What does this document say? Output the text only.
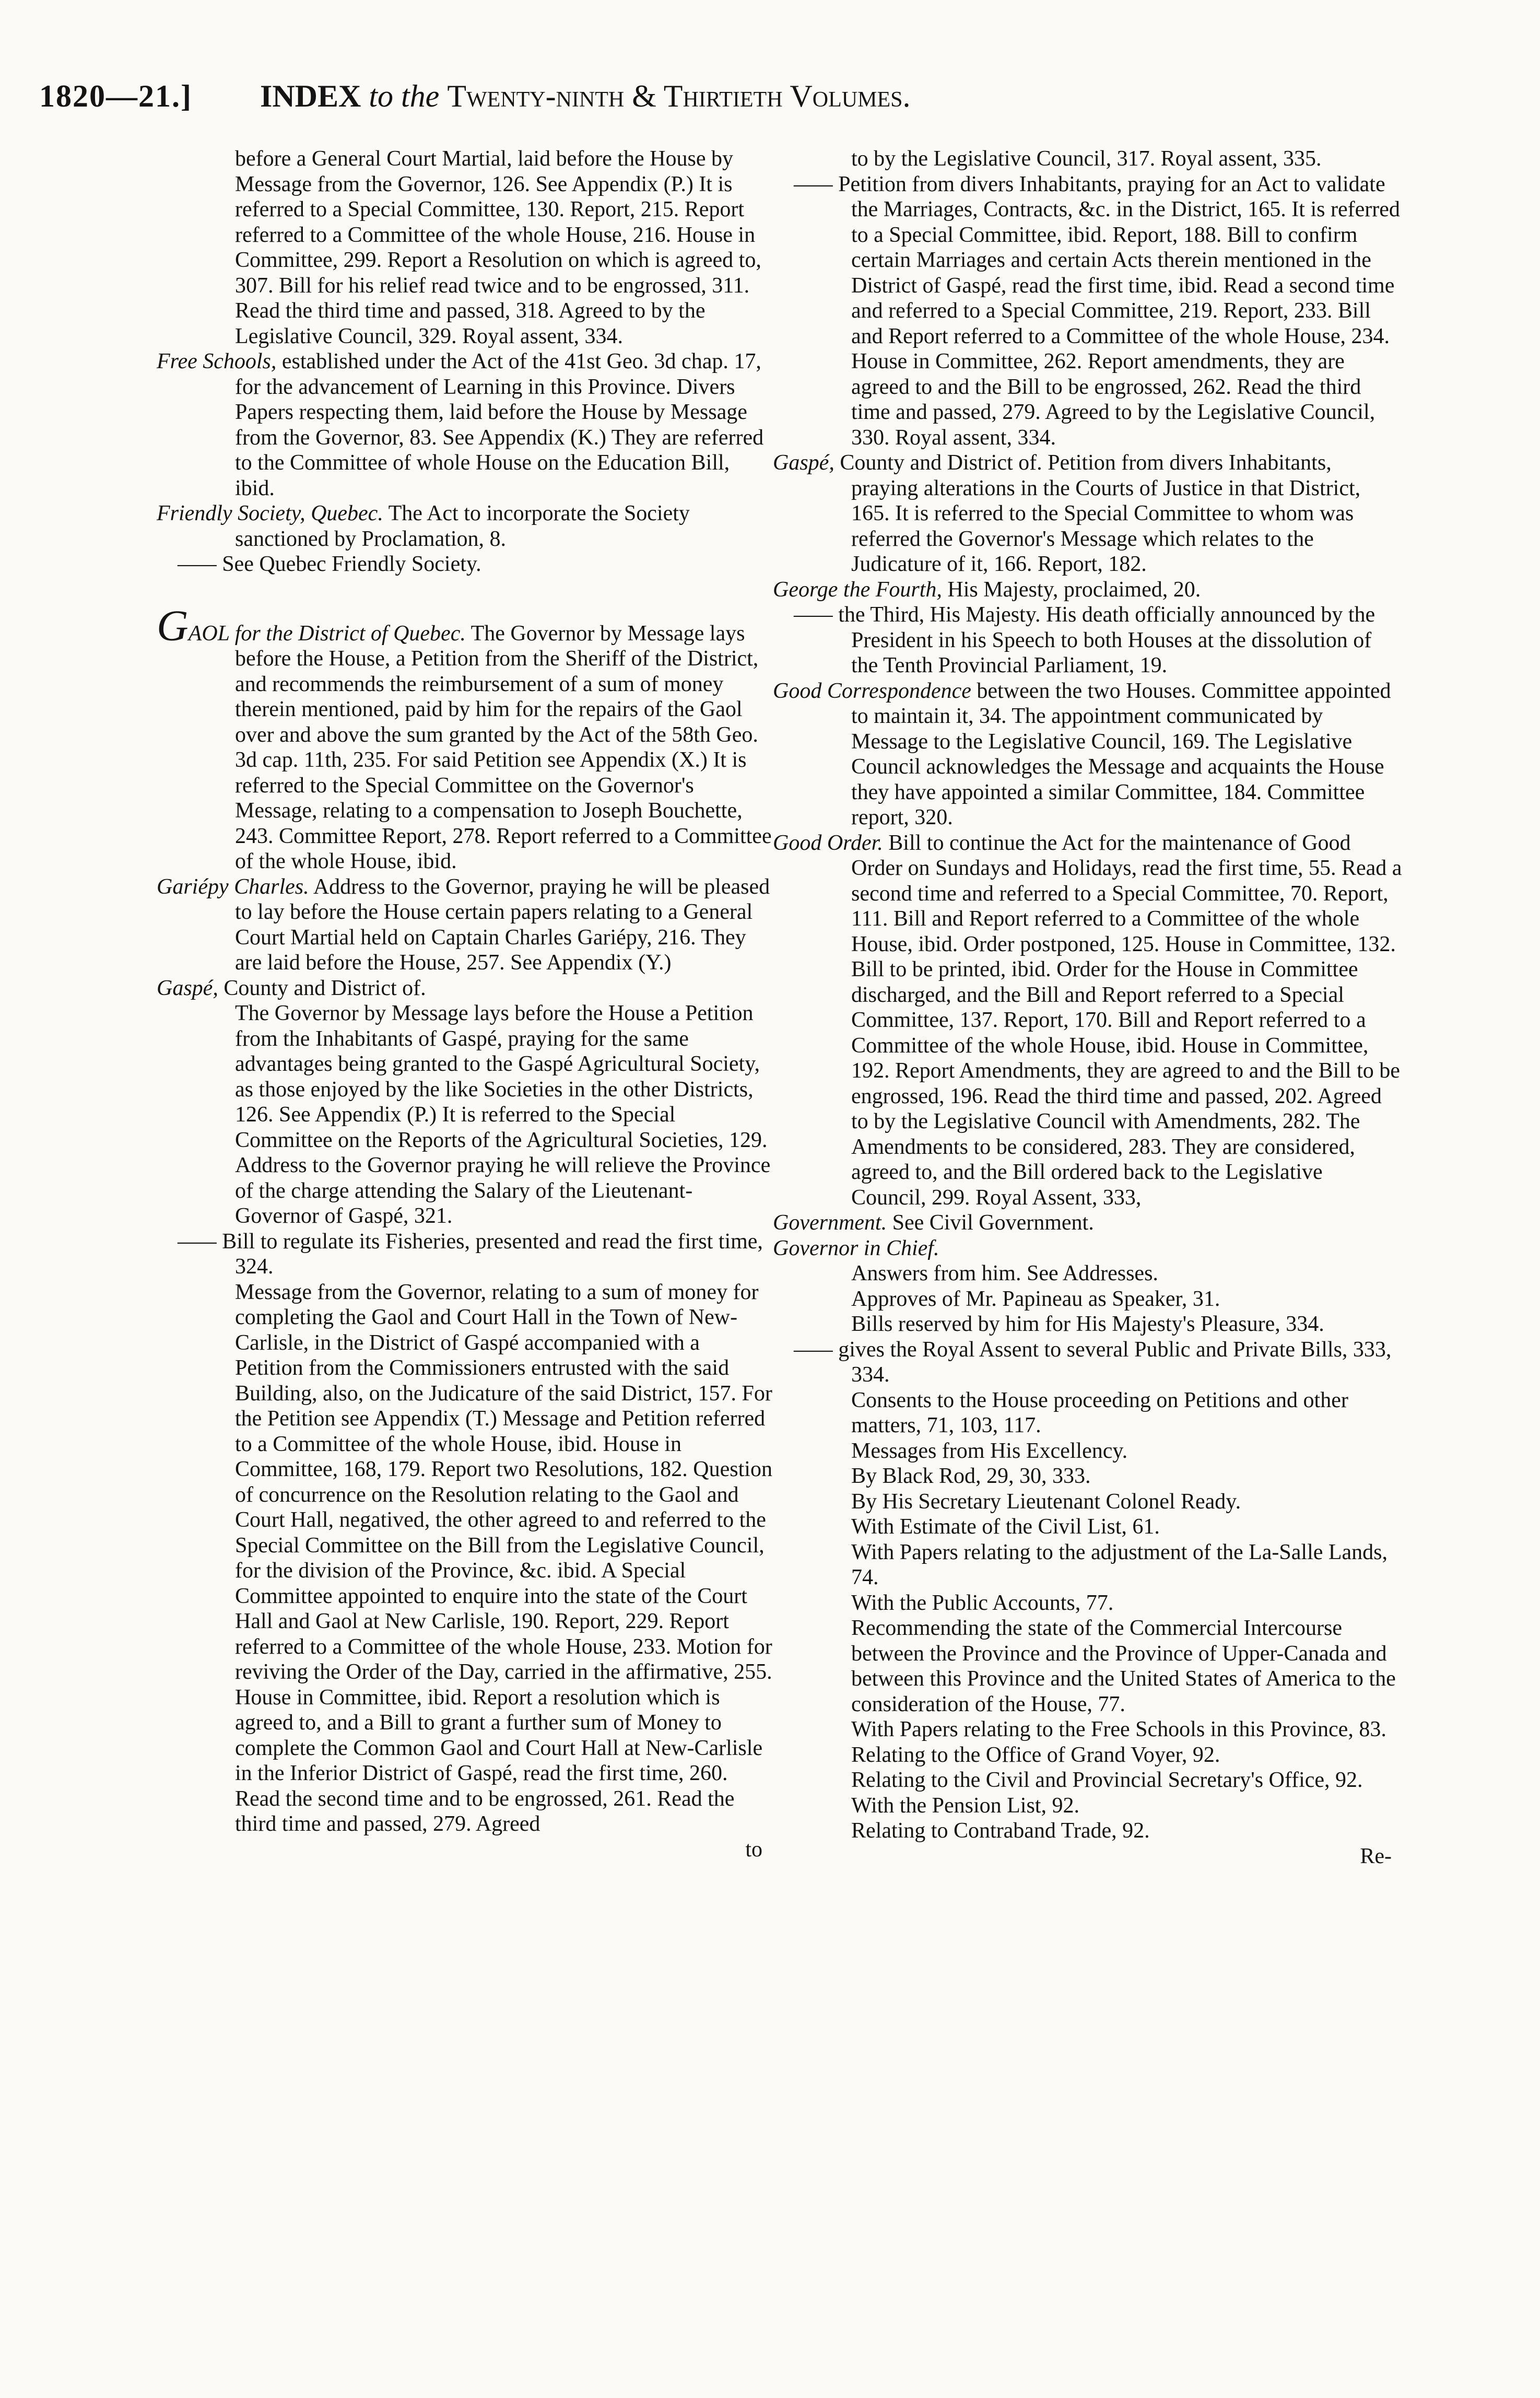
1820—21.] INDEX to the Twenty-ninth & Thirtieth Volumes.

before a General Court Martial, laid before the House by Message from the Governor, 126. See Appendix (P.) It is referred to a Special Committee, 130. Report, 215. Report referred to a Committee of the whole House, 216. House in Committee, 299. Report a Resolution on which is agreed to, 307. Bill for his relief read twice and to be engrossed, 311. Read the third time and passed, 318. Agreed to by the Legislative Council, 329. Royal assent, 334.

Free Schools, established under the Act of the 41st Geo. 3d chap. 17, for the advancement of Learning in this Province. Divers Papers respecting them, laid before the House by Message from the Governor, 83. See Appendix (K.) They are referred to the Committee of whole House on the Education Bill, ibid.

Friendly Society, Quebec. The Act to incorporate the Society sanctioned by Proclamation, 8.

—— See Quebec Friendly Society.

GAOL for the District of Quebec. The Governor by Message lays before the House, a Petition from the Sheriff of the District, and recommends the reimbursement of a sum of money therein mentioned, paid by him for the repairs of the Gaol over and above the sum granted by the Act of the 58th Geo. 3d cap. 11th, 235. For said Petition see Appendix (X.) It is referred to the Special Committee on the Governor's Message, relating to a compensation to Joseph Bouchette, 243. Committee Report, 278. Report referred to a Committee of the whole House, ibid.

Gariépy Charles. Address to the Governor, praying he will be pleased to lay before the House certain papers relating to a General Court Martial held on Captain Charles Gariépy, 216. They are laid before the House, 257. See Appendix (Y.)

Gaspé, County and District of.

The Governor by Message lays before the House a Petition from the Inhabitants of Gaspé, praying for the same advantages being granted to the Gaspé Agricultural Society, as those enjoyed by the like Societies in the other Districts, 126. See Appendix (P.) It is referred to the Special Committee on the Reports of the Agricultural Societies, 129. Address to the Governor praying he will relieve the Province of the charge attending the Salary of the Lieutenant-Governor of Gaspé, 321.

—— Bill to regulate its Fisheries, presented and read the first time, 324.

Message from the Governor, relating to a sum of money for completing the Gaol and Court Hall in the Town of New-Carlisle, in the District of Gaspé accompanied with a Petition from the Commissioners entrusted with the said Building, also, on the Judicature of the said District, 157. For the Petition see Appendix (T.) Message and Petition referred to a Committee of the whole House, ibid. House in Committee, 168, 179. Report two Resolutions, 182. Question of concurrence on the Resolution relating to the Gaol and Court Hall, negatived, the other agreed to and referred to the Special Committee on the Bill from the Legislative Council, for the division of the Province, &c. ibid. A Special Committee appointed to enquire into the state of the Court Hall and Gaol at New Carlisle, 190. Report, 229. Report referred to a Committee of the whole House, 233. Motion for reviving the Order of the Day, carried in the affirmative, 255. House in Committee, ibid. Report a resolution which is agreed to, and a Bill to grant a further sum of Money to complete the Common Gaol and Court Hall at New-Carlisle in the Inferior District of Gaspé, read the first time, 260. Read the second time and to be engrossed, 261. Read the third time and passed, 279. Agreed

to

to by the Legislative Council, 317. Royal assent, 335.

—— Petition from divers Inhabitants, praying for an Act to validate the Marriages, Contracts, &c. in the District, 165. It is referred to a Special Committee, ibid. Report, 188. Bill to confirm certain Marriages and certain Acts therein mentioned in the District of Gaspé, read the first time, ibid. Read a second time and referred to a Special Committee, 219. Report, 233. Bill and Report referred to a Committee of the whole House, 234. House in Committee, 262. Report amendments, they are agreed to and the Bill to be engrossed, 262. Read the third time and passed, 279. Agreed to by the Legislative Council, 330. Royal assent, 334.

Gaspé, County and District of. Petition from divers Inhabitants, praying alterations in the Courts of Justice in that District, 165. It is referred to the Special Committee to whom was referred the Governor's Message which relates to the Judicature of it, 166. Report, 182.

George the Fourth, His Majesty, proclaimed, 20.

—— the Third, His Majesty. His death officially announced by the President in his Speech to both Houses at the dissolution of the Tenth Provincial Parliament, 19.

Good Correspondence between the two Houses. Committee appointed to maintain it, 34. The appointment communicated by Message to the Legislative Council, 169. The Legislative Council acknowledges the Message and acquaints the House they have appointed a similar Committee, 184. Committee report, 320.

Good Order. Bill to continue the Act for the maintenance of Good Order on Sundays and Holidays, read the first time, 55. Read a second time and referred to a Special Committee, 70. Report, 111. Bill and Report referred to a Committee of the whole House, ibid. Order postponed, 125. House in Committee, 132. Bill to be printed, ibid. Order for the House in Committee discharged, and the Bill and Report referred to a Special Committee, 137. Report, 170. Bill and Report referred to a Committee of the whole House, ibid. House in Committee, 192. Report Amendments, they are agreed to and the Bill to be engrossed, 196. Read the third time and passed, 202. Agreed to by the Legislative Council with Amendments, 282. The Amendments to be considered, 283. They are considered, agreed to, and the Bill ordered back to the Legislative Council, 299. Royal Assent, 333,

Government. See Civil Government.

Governor in Chief.

Answers from him. See Addresses.

Approves of Mr. Papineau as Speaker, 31.

Bills reserved by him for His Majesty's Pleasure, 334.

—— gives the Royal Assent to several Public and Private Bills, 333, 334.

Consents to the House proceeding on Petitions and other matters, 71, 103, 117.

Messages from His Excellency.

By Black Rod, 29, 30, 333.

By His Secretary Lieutenant Colonel Ready.

With Estimate of the Civil List, 61.

With Papers relating to the adjustment of the La-Salle Lands, 74.

With the Public Accounts, 77.

Recommending the state of the Commercial Intercourse between the Province and the Province of Upper-Canada and between this Province and the United States of America to the consideration of the House, 77.

With Papers relating to the Free Schools in this Province, 83.

Relating to the Office of Grand Voyer, 92.

Relating to the Civil and Provincial Secretary's Office, 92.

With the Pension List, 92.

Relating to Contraband Trade, 92.

Re-
